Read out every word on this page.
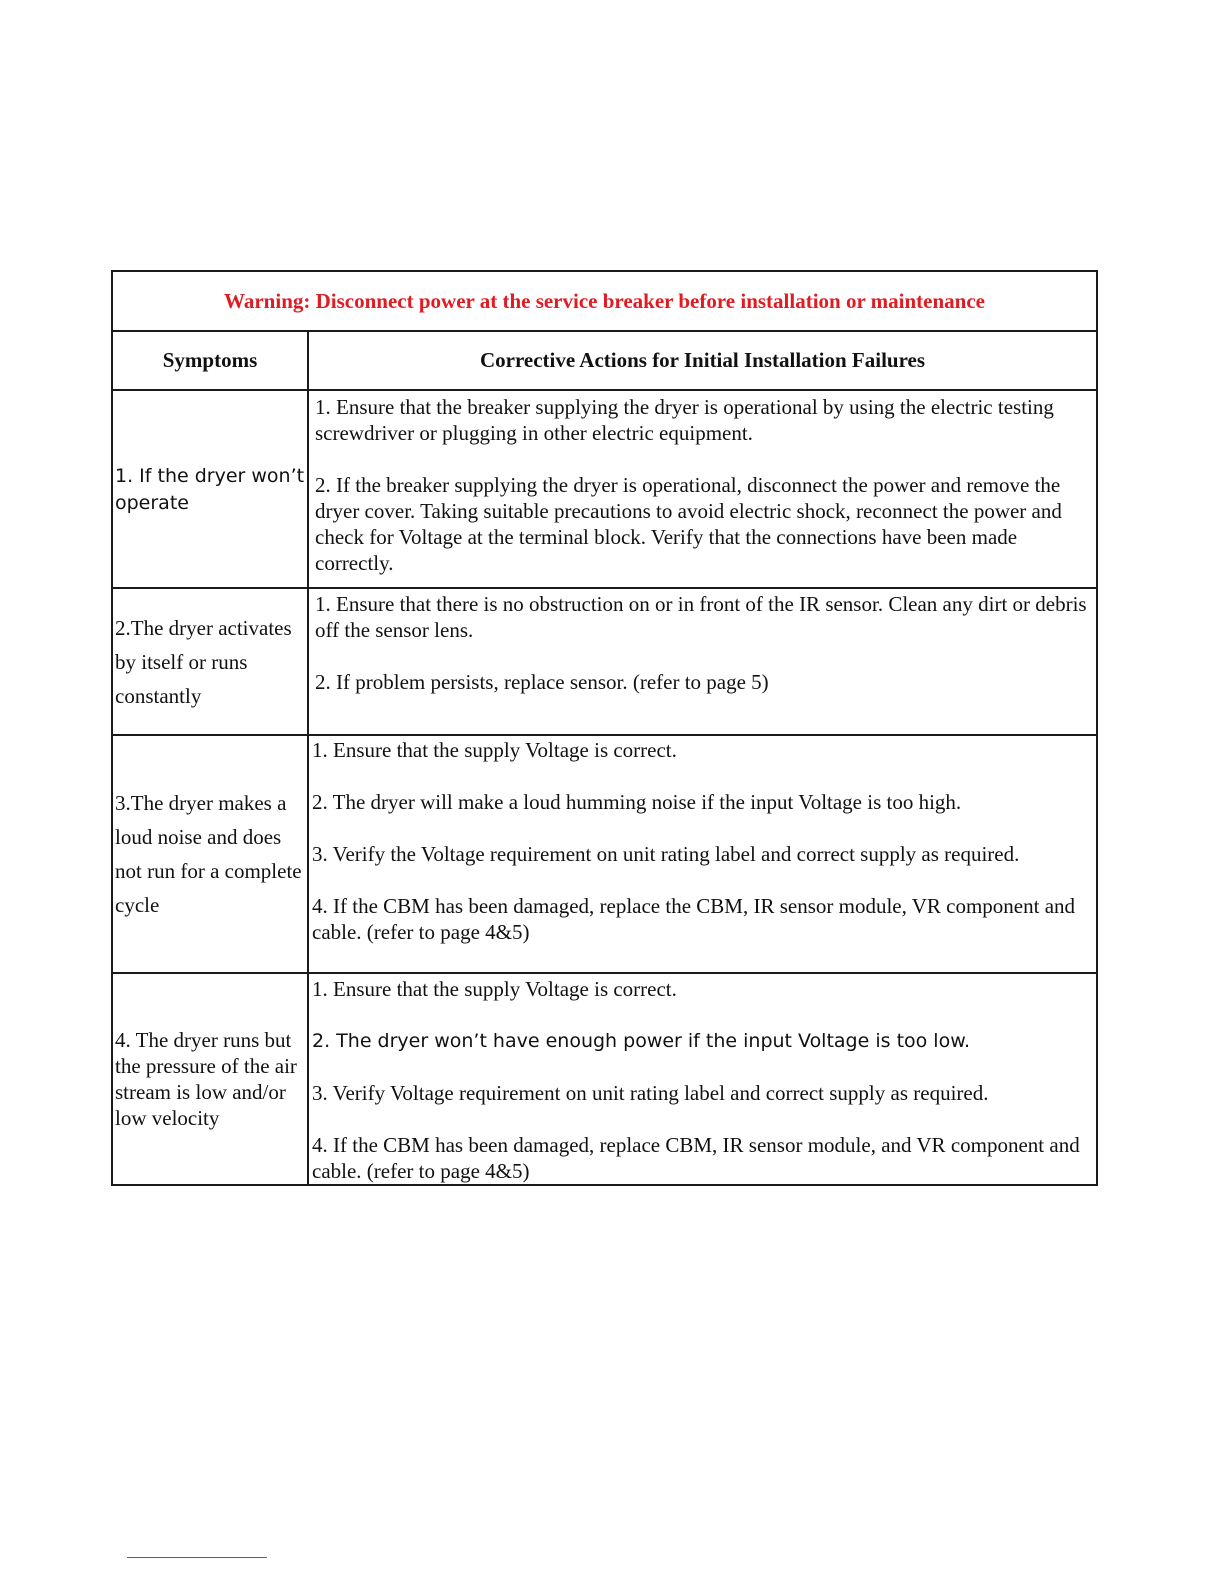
Warning: Disconnect power at the service breaker before installation or maintenance	
Symptoms	Corrective Actions for Initial Installation Failures
1. If the dryer won’t operate	1. Ensure that the breaker supplying the dryer is operational by using the electric testing screwdriver or plugging in other electric equipment.

2. If the breaker supplying the dryer is operational, disconnect the power and remove the dryer cover. Taking suitable precautions to avoid electric shock, reconnect the power and check for Voltage at the terminal block. Verify that the connections have been made correctly.

2.The dryer activates by itself or runs constantly	1. Ensure that there is no obstruction on or in front of the IR sensor. Clean any dirt or debris off the sensor lens.

2. If problem persists, replace sensor. (refer to page 5)

3.The dryer makes a loud noise and does not run for a complete cycle	1. Ensure that the supply Voltage is correct.

2. The dryer will make a loud humming noise if the input Voltage is too high.

3. Verify the Voltage requirement on unit rating label and correct supply as required.

4. If the CBM has been damaged, replace the CBM, IR sensor module, VR component and cable. (refer to page 4&5)

4. The dryer runs but the pressure of the air stream is low and/or low velocity	1. Ensure that the supply Voltage is correct.

2. The dryer won’t have enough power if the input Voltage is too low.

3. Verify Voltage requirement on unit rating label and correct supply as required.

4. If the CBM has been damaged, replace CBM, IR sensor module, and VR component and cable. (refer to page 4&5)
